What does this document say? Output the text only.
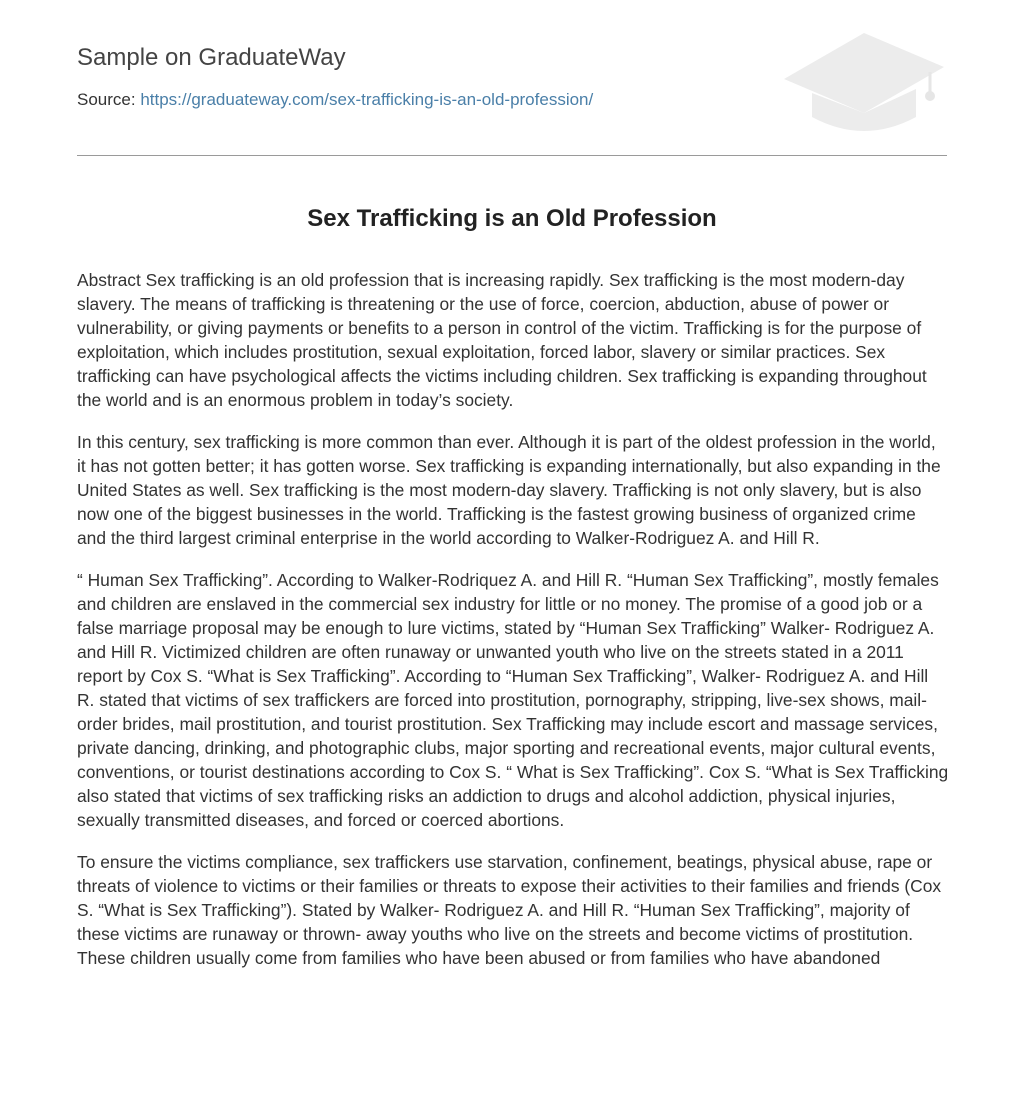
Sample on GraduateWay
Source: https://graduateway.com/sex-trafficking-is-an-old-profession/
Sex Trafficking is an Old Profession

Abstract Sex trafficking is an old profession that is increasing rapidly. Sex trafficking is the most modern-day slavery. The means of trafficking is threatening or the use of force, coercion, abduction, abuse of power or vulnerability, or giving payments or benefits to a person in control of the victim. Trafficking is for the purpose of exploitation, which includes prostitution, sexual exploitation, forced labor, slavery or similar practices. Sex trafficking can have psychological affects the victims including children. Sex trafficking is expanding throughout the world and is an enormous problem in today’s society.

In this century, sex trafficking is more common than ever. Although it is part of the oldest profession in the world, it has not gotten better; it has gotten worse. Sex trafficking is expanding internationally, but also expanding in the United States as well. Sex trafficking is the most modern-day slavery. Trafficking is not only slavery, but is also now one of the biggest businesses in the world. Trafficking is the fastest growing business of organized crime and the third largest criminal enterprise in the world according to Walker-Rodriguez A. and Hill R.

“ Human Sex Trafficking”. According to Walker-Rodriquez A. and Hill R. “Human Sex Trafficking”, mostly females and children are enslaved in the commercial sex industry for little or no money. The promise of a good job or a false marriage proposal may be enough to lure victims, stated by “Human Sex Trafficking” Walker- Rodriguez A. and Hill R. Victimized children are often runaway or unwanted youth who live on the streets stated in a 2011 report by Cox S. “What is Sex Trafficking”. According to “Human Sex Trafficking”, Walker- Rodriguez A. and Hill R. stated that victims of sex traffickers are forced into prostitution, pornography, stripping, live-sex shows, mail-order brides, mail prostitution, and tourist prostitution. Sex Trafficking may include escort and massage services, private dancing, drinking, and photographic clubs, major sporting and recreational events, major cultural events, conventions, or tourist destinations according to Cox S. “ What is Sex Trafficking”. Cox S. “What is Sex Trafficking also stated that victims of sex trafficking risks an addiction to drugs and alcohol addiction, physical injuries, sexually transmitted diseases, and forced or coerced abortions.

To ensure the victims compliance, sex traffickers use starvation, confinement, beatings, physical abuse, rape or threats of violence to victims or their families or threats to expose their activities to their families and friends (Cox S. “What is Sex Trafficking”). Stated by Walker- Rodriguez A. and Hill R. “Human Sex Trafficking”, majority of these victims are runaway or thrown- away youths who live on the streets and become victims of prostitution. These children usually come from families who have been abused or from families who have abandoned
